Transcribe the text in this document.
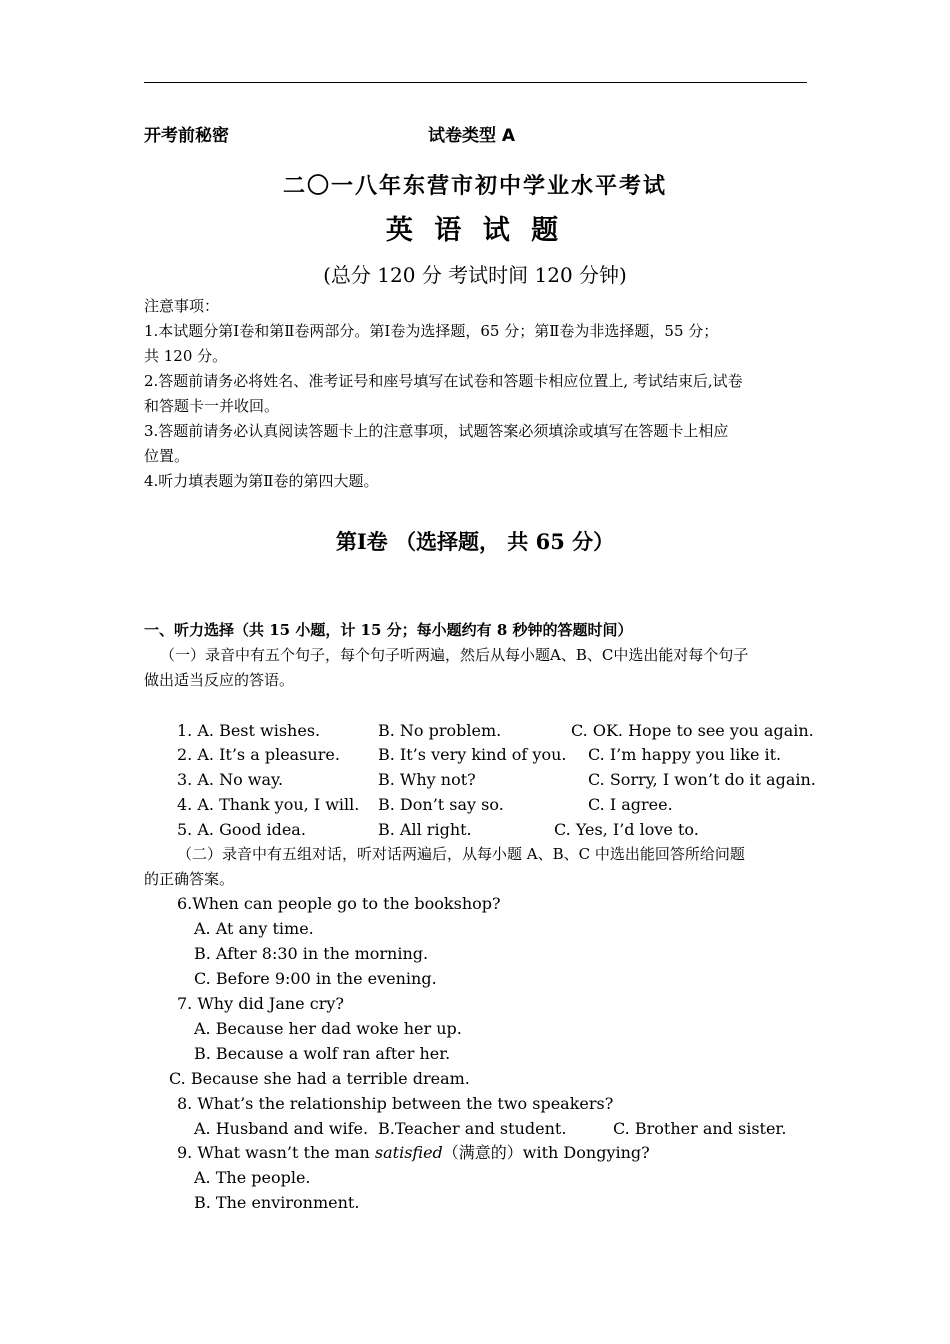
开考前秘密	试卷类型 A
二〇一八年东营市初中学业水平考试
英 语 试 题
(总分 120 分 考试时间 120 分钟)
注意事项：
1.本试题分第Ⅰ卷和第Ⅱ卷两部分。第Ⅰ卷为选择题，65 分；第Ⅱ卷为非选择题，55 分；
共 120 分。
2.答题前请务必将姓名、准考证号和座号填写在试卷和答题卡相应位置上, 考试结束后,试卷
和答题卡一并收回。
3.答题前请务必认真阅读答题卡上的注意事项，试题答案必须填涂或填写在答题卡上相应
位置。
4.听力填表题为第Ⅱ卷的第四大题。
第Ⅰ卷 （选择题， 共 65 分）
一、听力选择（共 15 小题，计 15 分；每小题约有 8 秒钟的答题时间）
（一）录音中有五个句子，每个句子听两遍，然后从每小题A、B、C中选出能对每个句子
做出适当反应的答语。
1. A. Best wishes.	B. No problem.	C. OK. Hope to see you again.
2. A. It’s a pleasure. B. It’s very kind of you. C. I’m happy you like it.
3. A. No way.	B. Why not?	C. Sorry, I won’t do it again.
4. A. Thank you, I will. B. Don’t say so.	C. I agree.
5. A. Good idea.	B. All right.	C. Yes, I’d love to.
（二）录音中有五组对话，听对话两遍后，从每小题 A、B、C 中选出能回答所给问题
的正确答案。
6.When can people go to the bookshop?
A. At any time.
B. After 8:30 in the morning.
C. Before 9:00 in the evening.
7. Why did Jane cry?
A. Because her dad woke her up.
B. Because a wolf ran after her.
C. Because she had a terrible dream.
8. What’s the relationship between the two speakers?
A. Husband and wife. B.Teacher and student.	C. Brother and sister.
9. What wasn’t the man satisfied（满意的）with Dongying?
A. The people.
B. The environment.
